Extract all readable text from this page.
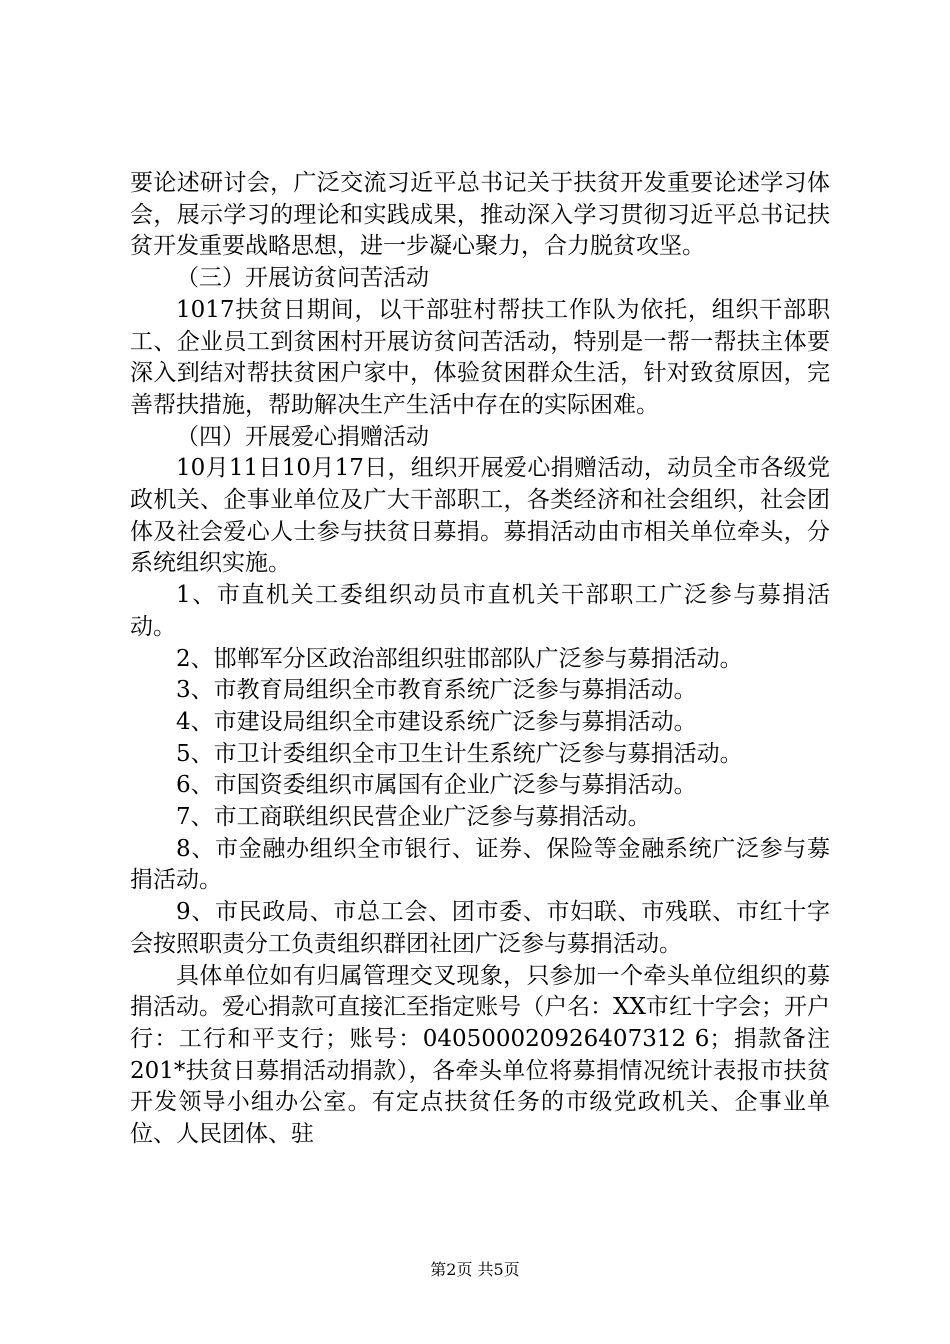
要论述研讨会，广泛交流习近平总书记关于扶贫开发重要论述学习体会，展示学习的理论和实践成果，推动深入学习贯彻习近平总书记扶贫开发重要战略思想，进一步凝心聚力，合力脱贫攻坚。

（三）开展访贫问苦活动

1017扶贫日期间，以干部驻村帮扶工作队为依托，组织干部职工、企业员工到贫困村开展访贫问苦活动，特别是一帮一帮扶主体要深入到结对帮扶贫困户家中，体验贫困群众生活，针对致贫原因，完善帮扶措施，帮助解决生产生活中存在的实际困难。

（四）开展爱心捐赠活动

10月11日10月17日，组织开展爱心捐赠活动，动员全市各级党政机关、企事业单位及广大干部职工，各类经济和社会组织，社会团体及社会爱心人士参与扶贫日募捐。募捐活动由市相关单位牵头，分系统组织实施。

1、市直机关工委组织动员市直机关干部职工广泛参与募捐活动。

2、邯郸军分区政治部组织驻邯部队广泛参与募捐活动。

3、市教育局组织全市教育系统广泛参与募捐活动。

4、市建设局组织全市建设系统广泛参与募捐活动。

5、市卫计委组织全市卫生计生系统广泛参与募捐活动。

6、市国资委组织市属国有企业广泛参与募捐活动。

7、市工商联组织民营企业广泛参与募捐活动。

8、市金融办组织全市银行、证券、保险等金融系统广泛参与募捐活动。

9、市民政局、市总工会、团市委、市妇联、市残联、市红十字会按照职责分工负责组织群团社团广泛参与募捐活动。

具体单位如有归属管理交叉现象，只参加一个牵头单位组织的募捐活动。爱心捐款可直接汇至指定账号（户名：XX市红十字会；开户行：工行和平支行；账号：040500020926407312 6；捐款备注201*扶贫日募捐活动捐款），各牵头单位将募捐情况统计表报市扶贫开发领导小组办公室。有定点扶贫任务的市级党政机关、企事业单位、人民团体、驻

第2页 共5页
